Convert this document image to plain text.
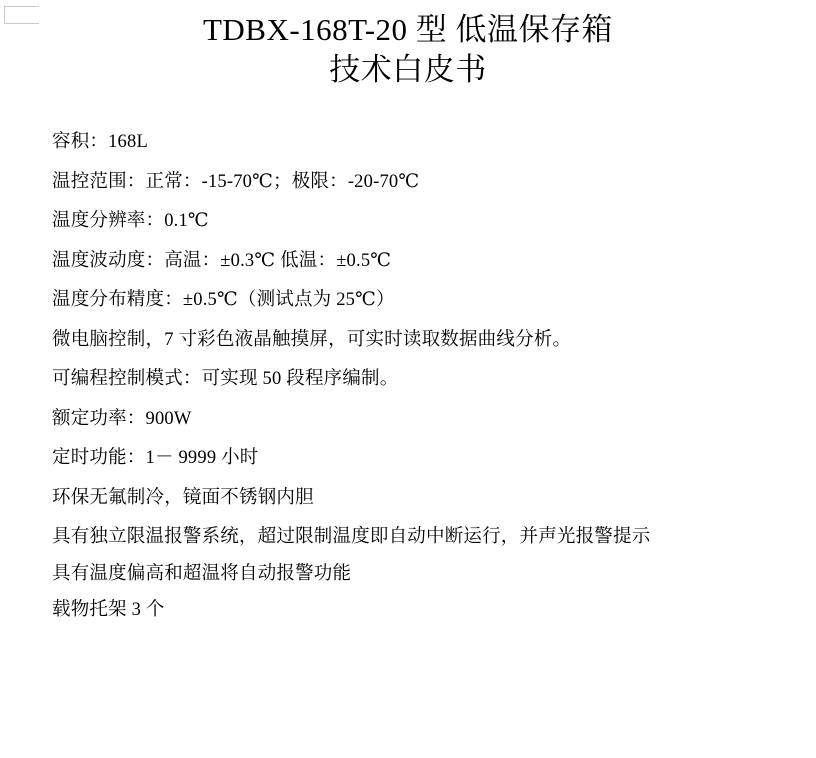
TDBX-168T-20 型 低温保存箱
技术白皮书

容积：168L

温控范围：正常：-15-70℃；极限：-20-70℃

温度分辨率：0.1℃

温度波动度：高温：±0.3℃ 低温：±0.5℃

温度分布精度：±0.5℃（测试点为 25℃）

微电脑控制，7 寸彩色液晶触摸屏，可实时读取数据曲线分析。

可编程控制模式：可实现 50 段程序编制。

额定功率：900W

定时功能：1－ 9999 小时

环保无氟制冷，镜面不锈钢内胆

具有独立限温报警系统，超过限制温度即自动中断运行，并声光报警提示

具有温度偏高和超温将自动报警功能

载物托架 3 个
